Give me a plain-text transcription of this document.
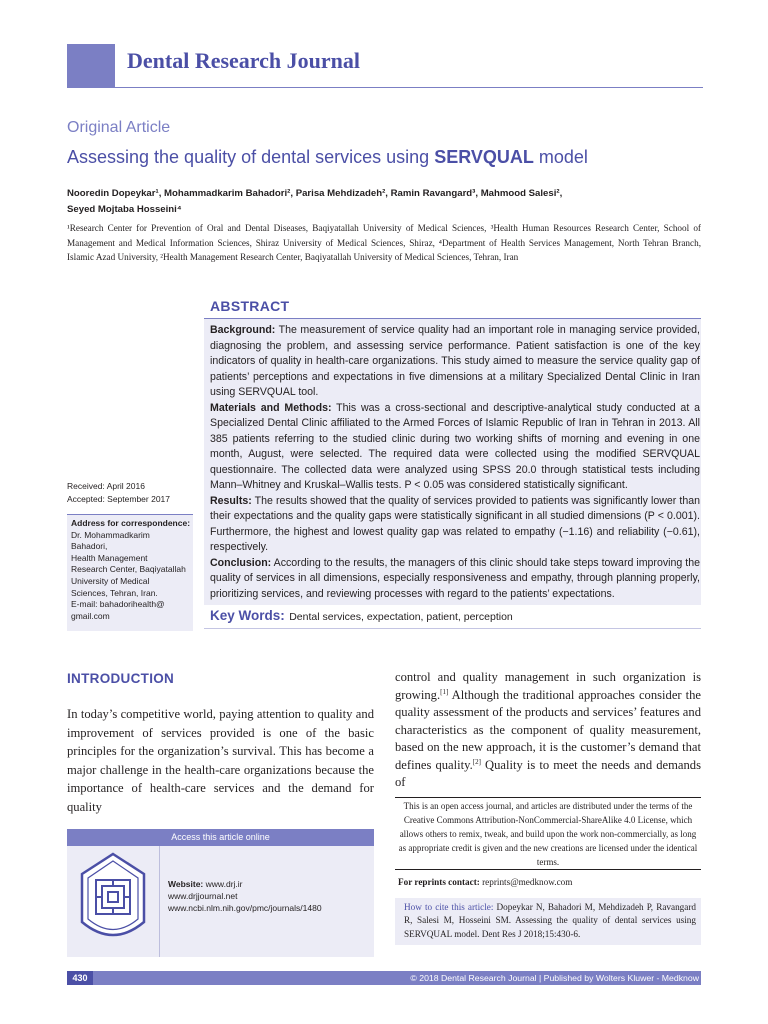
Dental Research Journal
Original Article
Assessing the quality of dental services using SERVQUAL model
Nooredin Dopeykar¹, Mohammadkarim Bahadori², Parisa Mehdizadeh², Ramin Ravangard³, Mahmood Salesi²,
Seyed Mojtaba Hosseini⁴
¹Research Center for Prevention of Oral and Dental Diseases, Baqiyatallah University of Medical Sciences, ³Health Human Resources Research Center, School of Management and Medical Information Sciences, Shiraz University of Medical Sciences, Shiraz, ⁴Department of Health Services Management, North Tehran Branch, Islamic Azad University, ²Health Management Research Center, Baqiyatallah University of Medical Sciences, Tehran, Iran
ABSTRACT

Background: The measurement of service quality had an important role in managing service provided, diagnosing the problem, and assessing service performance. Patient satisfaction is one of the key indicators of quality in health-care organizations. This study aimed to measure the service quality gap of patients’ perceptions and expectations in five dimensions at a military Specialized Dental Clinic in Iran using SERVQUAL tool.

Materials and Methods: This was a cross-sectional and descriptive-analytical study conducted at a Specialized Dental Clinic affiliated to the Armed Forces of Islamic Republic of Iran in Tehran in 2013. All 385 patients referring to the studied clinic during two working shifts of morning and evening in one month, August, were selected. The required data were collected using the modified SERVQUAL questionnaire. The collected data were analyzed using SPSS 20.0 through statistical tests including Mann–Whitney and Kruskal–Wallis tests. P < 0.05 was considered statistically significant.

Results: The results showed that the quality of services provided to patients was significantly lower than their expectations and the quality gaps were statistically significant in all studied dimensions (P < 0.001). Furthermore, the highest and lowest quality gap was related to empathy (−1.16) and reliability (−0.61), respectively.

Conclusion: According to the results, the managers of this clinic should take steps toward improving the quality of services in all dimensions, especially responsiveness and empathy, through planning properly, prioritizing services, and reviewing processes with regard to the patients’ expectations.

Key Words: Dental services, expectation, patient, perception
Received: April 2016
Accepted: September 2017
Address for correspondence:
Dr. Mohammadkarim
Bahadori,
Health Management
Research Center, Baqiyatallah
University of Medical
Sciences, Tehran, Iran.
E-mail: bahadorihealth@
gmail.com
INTRODUCTION
In today’s competitive world, paying attention to quality and improvement of services provided is one of the basic principles for the organization’s survival. This has become a major challenge in the health-care organizations because the importance of health-care services and the demand for quality
control and quality management in such organization is growing.[1] Although the traditional approaches consider the quality assessment of the products and services’ features and characteristics as the component of quality measurement, based on the new approach, it is the customer’s demand that defines quality.[2] Quality is to meet the needs and demands of
Access this article online
Website: www.drj.ir
www.drjjournal.net
www.ncbi.nlm.nih.gov/pmc/journals/1480
This is an open access journal, and articles are distributed under the terms of the Creative Commons Attribution-NonCommercial-ShareAlike 4.0 License, which allows others to remix, tweak, and build upon the work non-commercially, as long as appropriate credit is given and the new creations are licensed under the identical terms.
For reprints contact: reprints@medknow.com
How to cite this article: Dopeykar N, Bahadori M, Mehdizadeh P, Ravangard R, Salesi M, Hosseini SM. Assessing the quality of dental services using SERVQUAL model. Dent Res J 2018;15:430-6.
430	© 2018 Dental Research Journal | Published by Wolters Kluwer - Medknow
